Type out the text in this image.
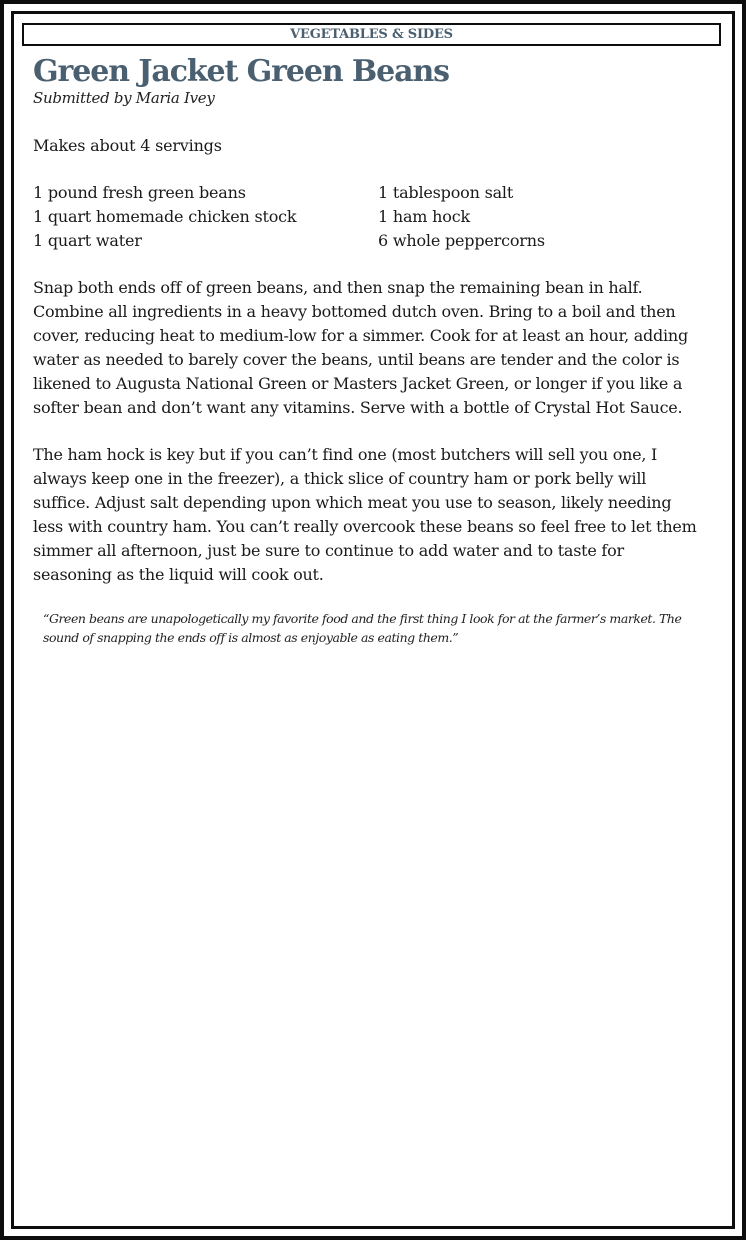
VEGETABLES & SIDES
Green Jacket Green Beans

Submitted by Maria Ivey

Makes about 4 servings

1 pound fresh green beans
1 quart homemade chicken stock
1 quart water
1 tablespoon salt
1 ham hock
6 whole peppercorns

Snap both ends off of green beans, and then snap the remaining bean in half. Combine all ingredients in a heavy bottomed dutch oven. Bring to a boil and then cover, reducing heat to medium-low for a simmer. Cook for at least an hour, adding water as needed to barely cover the beans, until beans are tender and the color is likened to Augusta National Green or Masters Jacket Green, or longer if you like a softer bean and don’t want any vitamins. Serve with a bottle of Crystal Hot Sauce.

The ham hock is key but if you can’t find one (most butchers will sell you one, I always keep one in the freezer), a thick slice of country ham or pork belly will suffice. Adjust salt depending upon which meat you use to season, likely needing less with country ham. You can’t really overcook these beans so feel free to let them simmer all afternoon, just be sure to continue to add water and to taste for seasoning as the liquid will cook out.

“Green beans are unapologetically my favorite food and the first thing I look for at the farmer’s market. The sound of snapping the ends off is almost as enjoyable as eating them.”
